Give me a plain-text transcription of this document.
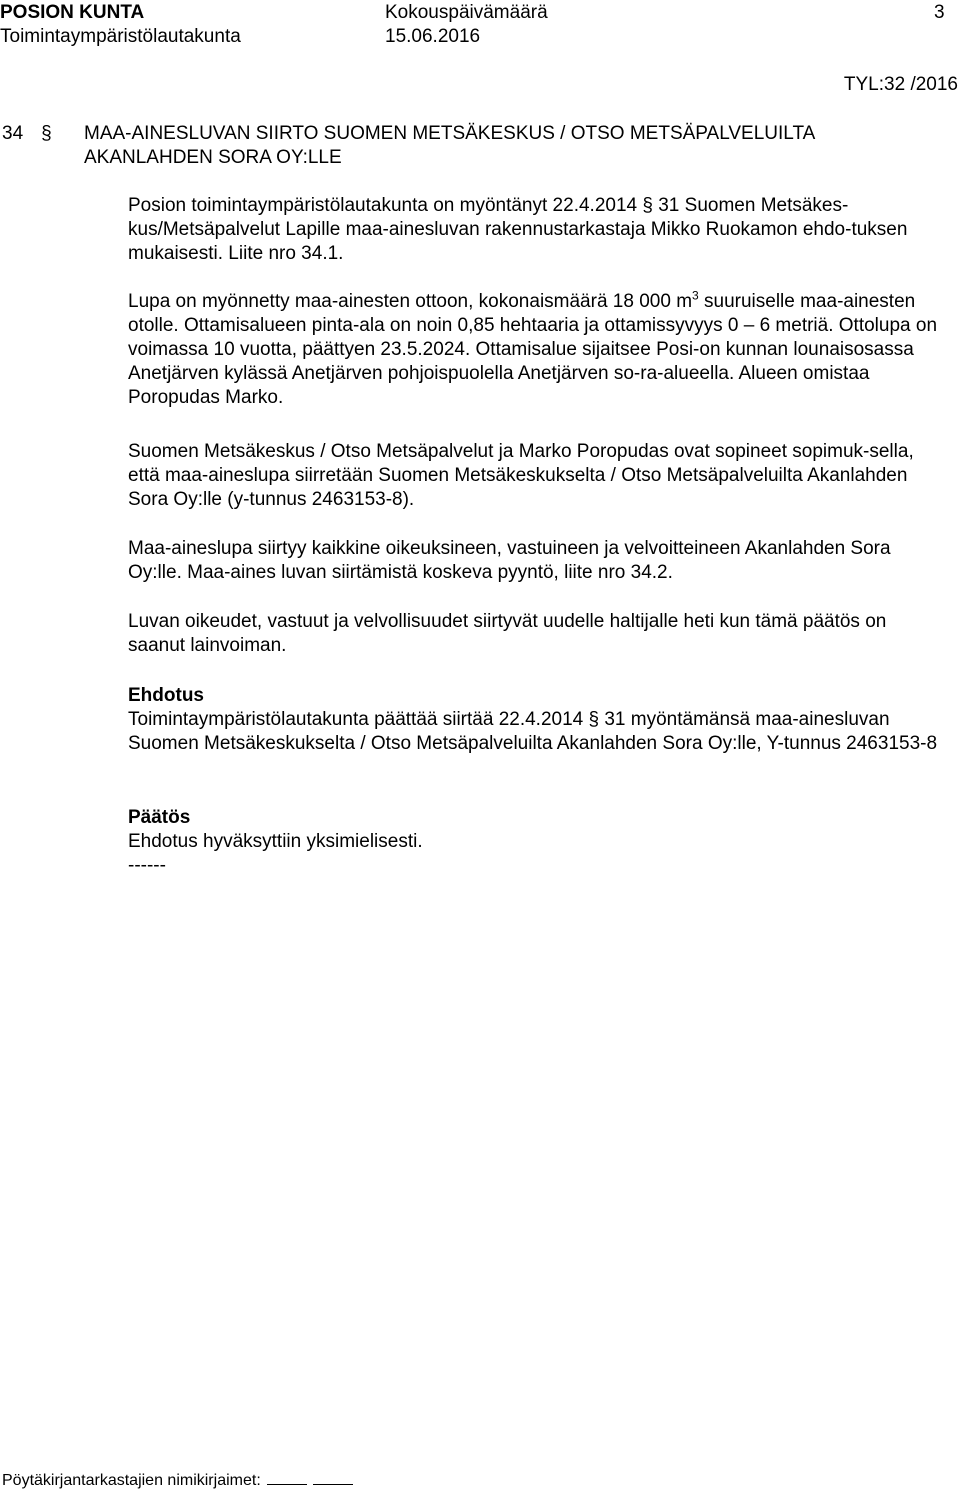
POSION KUNTA	Kokouspäivämäärä	3
Toimintaympäristölautakunta	15.06.2016
TYL:32 /2016
34 § MAA-AINESLUVAN SIIRTO SUOMEN METSÄKESKUS / OTSO METSÄPALVELUILTA
AKANLAHDEN SORA OY:LLE

Posion toimintaympäristölautakunta on myöntänyt 22.4.2014 § 31 Suomen Metsäkes-kus/Metsäpalvelut Lapille maa-ainesluvan rakennustarkastaja Mikko Ruokamon ehdo-tuksen mukaisesti. Liite nro 34.1.

Lupa on myönnetty maa-ainesten ottoon, kokonaismäärä 18 000 $m^3$ suuruiselle maa-ainesten otolle. Ottamisalueen pinta-ala on noin 0,85 hehtaaria ja ottamissyvyys 0 – 6 metriä. Ottolupa on voimassa 10 vuotta, päättyen 23.5.2024. Ottamisalue sijaitsee Posi-on kunnan lounaisosassa Anetjärven kylässä Anetjärven pohjoispuolella Anetjärven so-ra-alueella. Alueen omistaa Poropudas Marko.

Suomen Metsäkeskus / Otso Metsäpalvelut ja Marko Poropudas ovat sopineet sopimuk-sella, että maa-aineslupa siirretään Suomen Metsäkeskukselta / Otso Metsäpalveluilta Akanlahden Sora Oy:lle (y-tunnus 2463153-8).

Maa-aineslupa siirtyy kaikkine oikeuksineen, vastuineen ja velvoitteineen Akanlahden Sora Oy:lle. Maa-aines luvan siirtämistä koskeva pyyntö, liite nro 34.2.

Luvan oikeudet, vastuut ja velvollisuudet siirtyvät uudelle haltijalle heti kun tämä päätös on saanut lainvoiman.

Ehdotus

Toimintaympäristölautakunta päättää siirtää 22.4.2014 § 31 myöntämänsä maa-ainesluvan Suomen Metsäkeskukselta / Otso Metsäpalveluilta Akanlahden Sora Oy:lle, Y-tunnus 2463153-8

Päätös

Ehdotus hyväksyttiin yksimielisesti.

------

Pöytäkirjantarkastajien nimikirjaimet:
